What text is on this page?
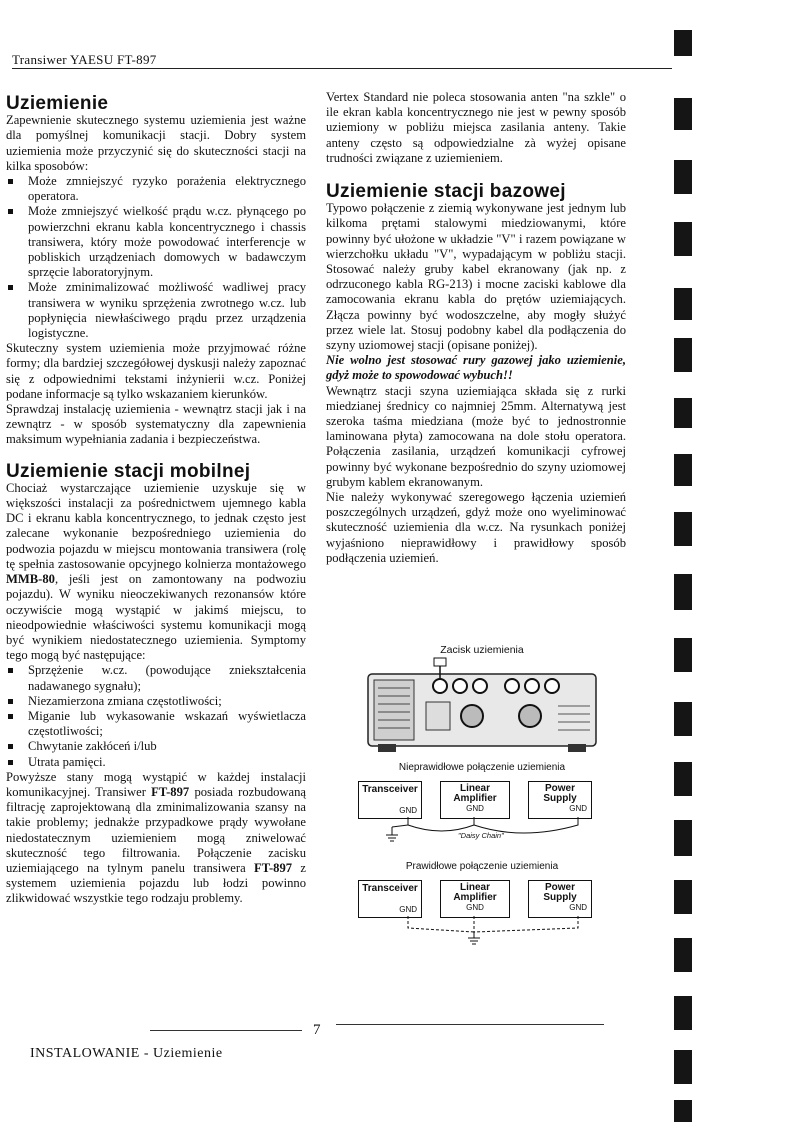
Transiwer YAESU FT-897
Uziemienie

Zapewnienie skutecznego systemu uziemienia jest ważne dla pomyślnej komunikacji stacji. Dobry system uziemienia może przyczynić się do skuteczności stacji na kilka sposobów:

Może zmniejszyć ryzyko porażenia elektrycznego operatora.
Może zmniejszyć wielkość prądu w.cz. płynącego po powierzchni ekranu kabla koncentrycznego i chassis transiwera, który może powodować interferencje w pobliskich urządzeniach domowych w badawczym sprzęcie laboratoryjnym.
Może zminimalizować możliwość wadliwej pracy transiwera w wyniku sprzężenia zwrotnego w.cz. lub popłynięcia niewłaściwego prądu przez urządzenia logistyczne.

Skuteczny system uziemienia może przyjmować różne formy; dla bardziej szczegółowej dyskusji należy zapoznać się z odpowiednimi tekstami inżynierii w.cz. Poniżej podane informacje są tylko wskazaniem kierunków.

Sprawdzaj instalację uziemienia - wewnątrz stacji jak i na zewnątrz - w sposób systematyczny dla zapewnienia maksimum wypełniania zadania i bezpieczeństwa.

Uziemienie stacji mobilnej

Chociaż wystarczające uziemienie uzyskuje się w większości instalacji za pośrednictwem ujemnego kabla DC i ekranu kabla koncentrycznego, to jednak często jest zalecane wykonanie bezpośredniego uziemienia do podwozia pojazdu w miejscu montowania transiwera (rolę tę spełnia zastosowanie opcyjnego kolnierza montażowego MMB-80, jeśli jest on zamontowany na podwoziu pojazdu). W wyniku nieoczekiwanych rezonansów które oczywiście mogą wystąpić w jakimś miejscu, to nieodpowiednie właściwości systemu komunikacji mogą być wynikiem niedostatecznego uziemienia. Symptomy tego mogą być następujące:

Sprzężenie w.cz. (powodujące zniekształcenia nadawanego sygnału);
Niezamierzona zmiana częstotliwości;
Miganie lub wykasowanie wskazań wyświetlacza częstotliwości;
Chwytanie zakłóceń i/lub
Utrata pamięci.

Powyższe stany mogą wystąpić w każdej instalacji komunikacyjnej. Transiwer FT-897 posiada rozbudowaną filtrację zaprojektowaną dla zminimalizowania szansy na takie problemy; jednakże przypadkowe prądy wywołane niedostatecznym uziemieniem mogą zniwelować skuteczność tego filtrowania. Połączenie zacisku uziemiającego na tylnym panelu transiwera FT-897 z systemem uziemienia pojazdu lub łodzi powinno zlikwidować wszystkie tego rodzaju problemy.

Vertex Standard nie poleca stosowania anten "na szkle" o ile ekran kabla koncentrycznego nie jest w pewny sposób uziemiony w pobliżu miejsca zasilania anteny. Takie anteny często są odpowiedzialne zà wyżej opisane trudności związane z uziemieniem.

Uziemienie stacji bazowej

Typowo połączenie z ziemią wykonywane jest jednym lub kilkoma prętami stalowymi miedziowanymi, które powinny być ułożone w układzie "V" i razem powiązane w wierzchołku układu "V", wypadającym w pobliżu stacji. Stosować należy gruby kabel ekranowany (jak np. z odrzuconego kabla RG-213) i mocne zaciski kablowe dla zamocowania ekranu kabla do prętów uziemiających. Złącza powinny być wodoszczelne, aby mogły służyć przez wiele lat. Stosuj podobny kabel dla podłączenia do szyny uziomowej stacji (opisane poniżej).

Nie wolno jest stosować rury gazowej jako uziemienie, gdyż może to spowodować wybuch!!

Wewnątrz stacji szyna uziemiająca składa się z rurki miedzianej średnicy co najmniej 25mm. Alternatywą jest szeroka taśma miedziana (może być to jednostronnie laminowana płyta) zamocowana na dole stołu operatora. Połączenia zasilania, urządzeń komunikacji cyfrowej powinny być wykonane bezpośrednio do szyny uziomowej grubym kablem ekranowanym.

Nie należy wykonywać szeregowego łączenia uziemień poszczególnych urządzeń, gdyż może ono wyeliminować skuteczność uziemienia dla w.cz. Na rysunkach poniżej wyjaśniono nieprawidłowy i prawidłowy sposób podłączenia uziemień.

Zacisk uziemienia
Nieprawidłowe połączenie uziemienia
Transceiver
GND
Linear
Amplifier
GND
Power
Supply
GND
"Daisy Chain"
Prawidłowe połączenie uziemienia
Transceiver
GND
Linear
Amplifier
GND
Power
Supply
GND
7
INSTALOWANIE - Uziemienie
